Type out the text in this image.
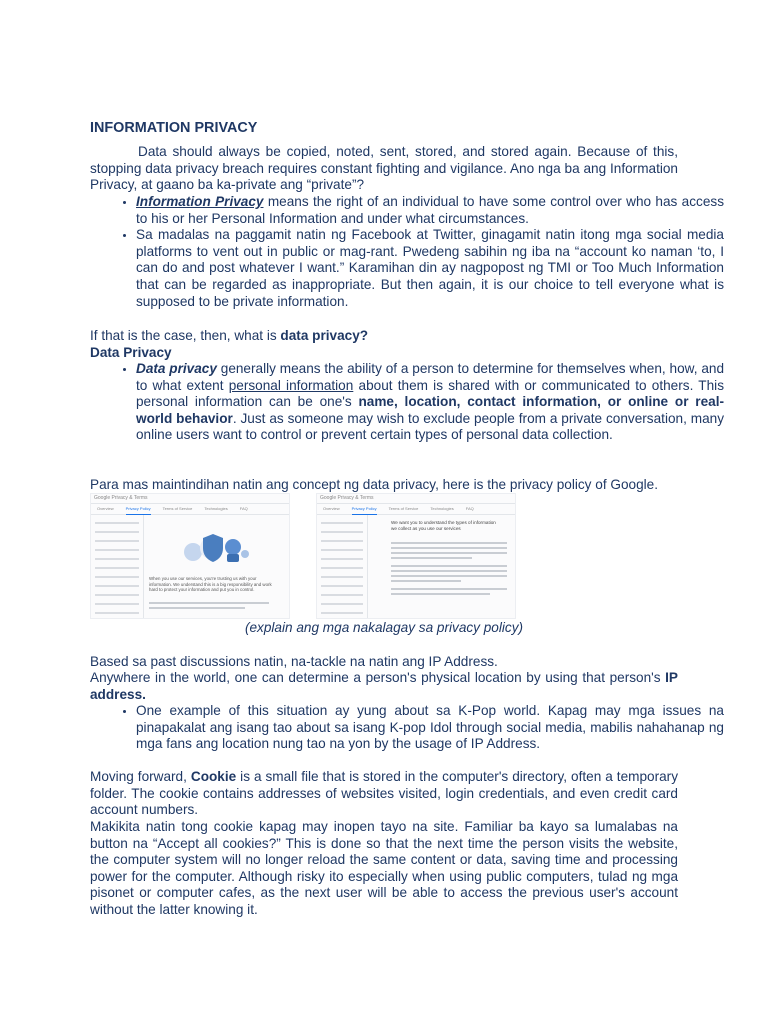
INFORMATION PRIVACY

Data should always be copied, noted, sent, stored, and stored again. Because of this, stopping data privacy breach requires constant fighting and vigilance. Ano nga ba ang Information Privacy, at gaano ba ka-private ang “private”?

• Information Privacy means the right of an individual to have some control over who has access to his or her Personal Information and under what circumstances.
• Sa madalas na paggamit natin ng Facebook at Twitter, ginagamit natin itong mga social media platforms to vent out in public or mag-rant. Pwedeng sabihin ng iba na “account ko naman ‘to, I can do and post whatever I want.” Karamihan din ay nagpopost ng TMI or Too Much Information that can be regarded as inappropriate. But then again, it is our choice to tell everyone what is supposed to be private information.

If that is the case, then, what is data privacy?

Data Privacy

• Data privacy generally means the ability of a person to determine for themselves when, how, and to what extent personal information about them is shared with or communicated to others. This personal information can be one's name, location, contact information, or online or real-world behavior. Just as someone may wish to exclude people from a private conversation, many online users want to control or prevent certain types of personal data collection.

Para mas maintindihan natin ang concept ng data privacy, here is the privacy policy of Google.

Google Privacy & Terms
Overview	Privacy Policy	Terms of Service	Technologies	FAQ
When you use our services, you're trusting us with your information. We understand this is a big responsibility and work hard to protect your information and put you in control.
Google Privacy & Terms
Overview	Privacy Policy	Terms of Service	Technologies	FAQ
We want you to understand the types of information we collect as you use our services
(explain ang mga nakalagay sa privacy policy)

Based sa past discussions natin, na-tackle na natin ang IP Address.

Anywhere in the world, one can determine a person's physical location by using that person's IP address.

• One example of this situation ay yung about sa K-Pop world. Kapag may mga issues na pinapakalat ang isang tao about sa isang K-pop Idol through social media, mabilis nahahanap ng mga fans ang location nung tao na yon by the usage of IP Address.

Moving forward, Cookie is a small file that is stored in the computer's directory, often a temporary folder. The cookie contains addresses of websites visited, login credentials, and even credit card account numbers.

Makikita natin tong cookie kapag may inopen tayo na site. Familiar ba kayo sa lumalabas na button na “Accept all cookies?” This is done so that the next time the person visits the website, the computer system will no longer reload the same content or data, saving time and processing power for the computer. Although risky ito especially when using public computers, tulad ng mga pisonet or computer cafes, as the next user will be able to access the previous user's account without the latter knowing it.
